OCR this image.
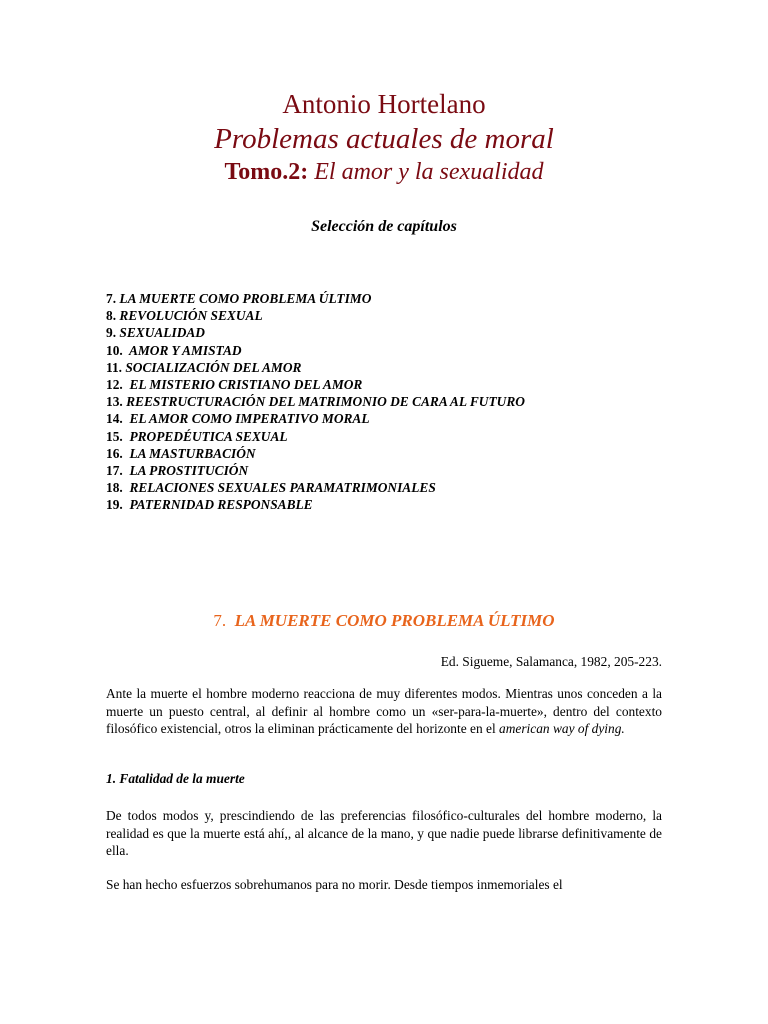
Antonio Hortelano
Problemas actuales de moral
Tomo.2: El amor y la sexualidad
Selección de capítulos
7. LA MUERTE COMO PROBLEMA ÚLTIMO
8. REVOLUCIÓN SEXUAL
9. SEXUALIDAD
10.  AMOR Y AMISTAD
11. SOCIALIZACIÓN DEL AMOR
12.  EL MISTERIO CRISTIANO DEL AMOR
13. REESTRUCTURACIÓN DEL MATRIMONIO DE CARA AL FUTURO
14.  EL AMOR COMO IMPERATIVO MORAL
15.  PROPEDÉUTICA SEXUAL
16.  LA MASTURBACIÓN
17.  LA PROSTITUCIÓN
18.  RELACIONES SEXUALES PARAMATRIMONIALES
19.  PATERNIDAD RESPONSABLE
7. LA MUERTE COMO PROBLEMA ÚLTIMO
Ed. Sigueme, Salamanca, 1982, 205-223.

Ante la muerte el hombre moderno reacciona de muy diferentes modos. Mientras unos conceden a la muerte un puesto central, al definir al hombre como un «ser-para-la-muerte», dentro del contexto filosófico existencial, otros la eliminan prácticamente del horizonte en el american way of dying.

1. Fatalidad de la muerte

De todos modos y, prescindiendo de las preferencias filosófico-culturales del hombre moderno, la realidad es que la muerte está ahí,, al alcance de la mano, y que nadie puede librarse definitivamente de ella.

Se han hecho esfuerzos sobrehumanos para no morir. Desde tiempos inmemoriales el
